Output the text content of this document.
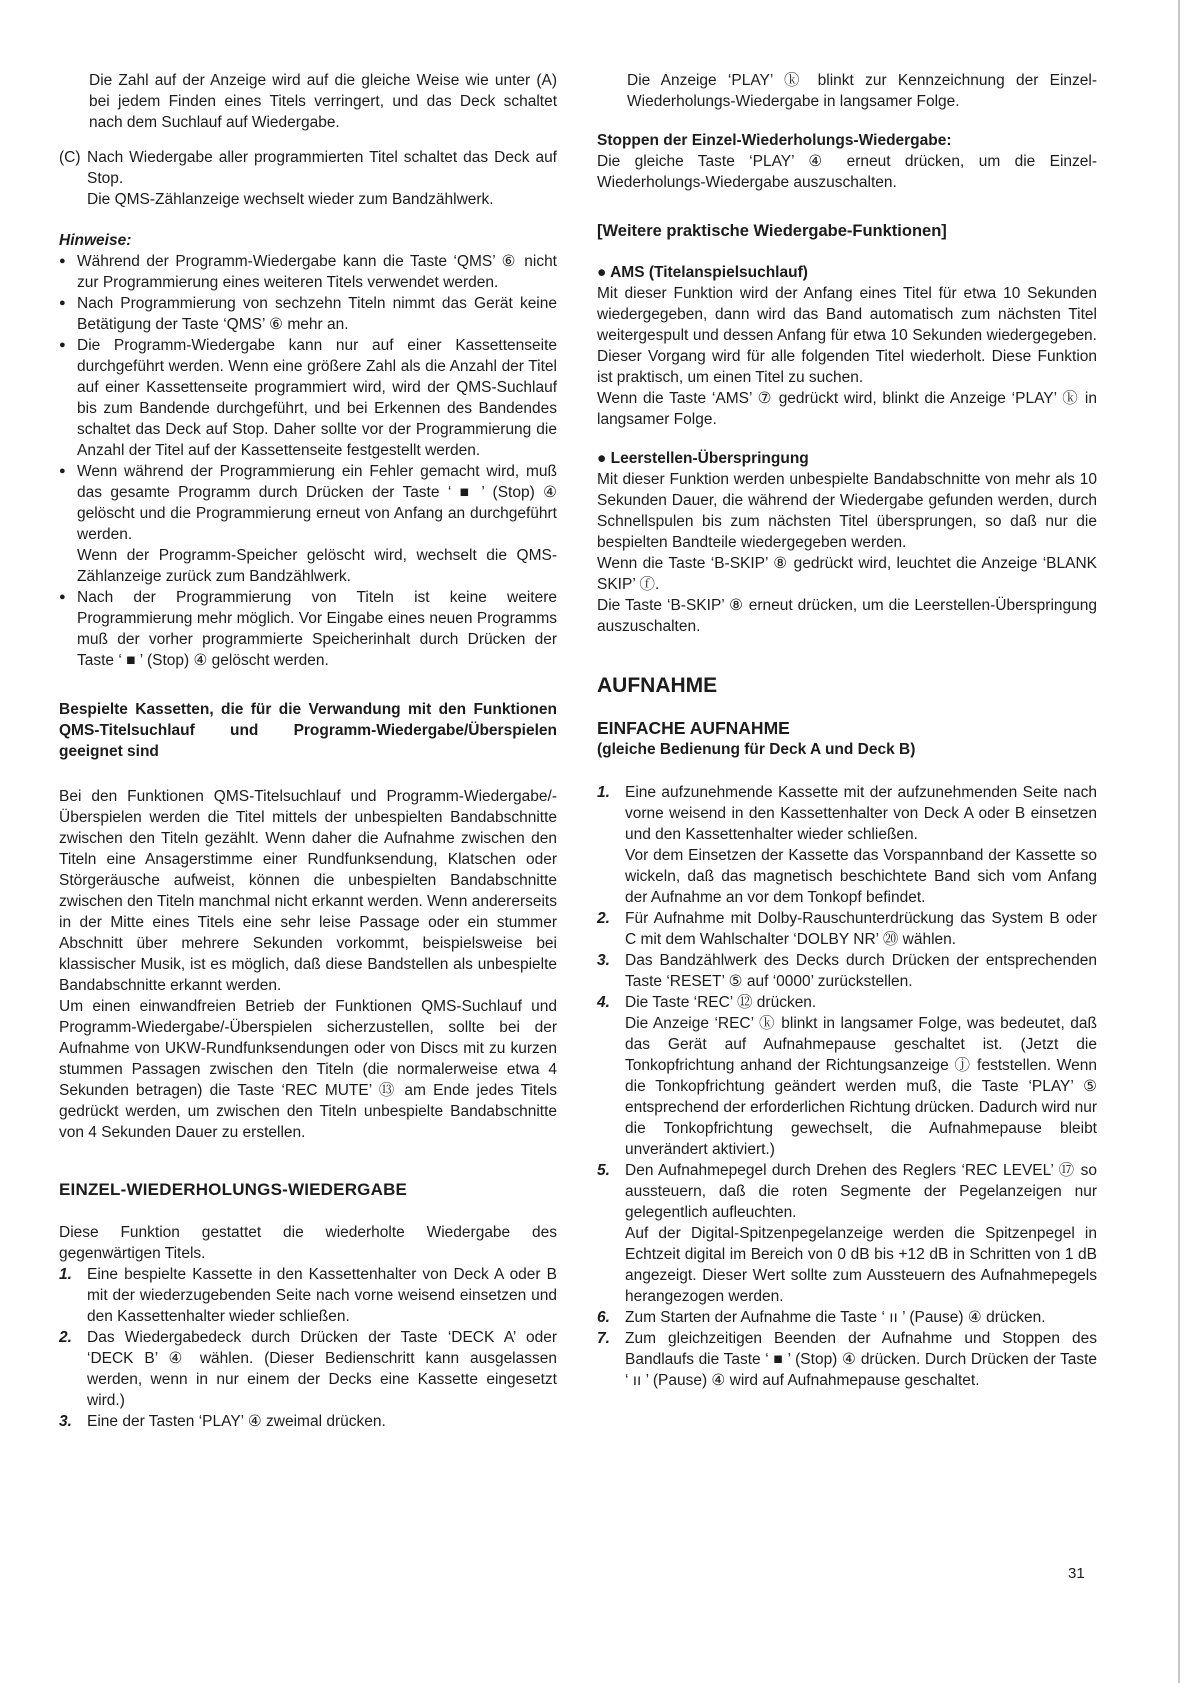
Die Zahl auf der Anzeige wird auf die gleiche Weise wie unter (A) bei jedem Finden eines Titels verringert, und das Deck schaltet nach dem Suchlauf auf Wiedergabe.

(C) Nach Wiedergabe aller programmierten Titel schaltet das Deck auf Stop.

Die QMS-Zählanzeige wechselt wieder zum Bandzählwerk.

Hinweise:

● Während der Programm-Wiedergabe kann die Taste ‘QMS’ ⑥ nicht zur Programmierung eines weiteren Titels verwendet werden.
● Nach Programmierung von sechzehn Titeln nimmt das Gerät keine Betätigung der Taste ‘QMS’ ⑥ mehr an.
● Die Programm-Wiedergabe kann nur auf einer Kassettenseite durchgeführt werden. Wenn eine größere Zahl als die Anzahl der Titel auf einer Kassettenseite programmiert wird, wird der QMS-Suchlauf bis zum Bandende durchgeführt, und bei Erkennen des Bandendes schaltet das Deck auf Stop. Daher sollte vor der Programmierung die Anzahl der Titel auf der Kassettenseite festgestellt werden.
● Wenn während der Programmierung ein Fehler gemacht wird, muß das gesamte Programm durch Drücken der Taste ‘ ■ ’ (Stop) ④ gelöscht und die Programmierung erneut von Anfang an durchgeführt werden.
Wenn der Programm-Speicher gelöscht wird, wechselt die QMS-Zählanzeige zurück zum Bandzählwerk.
● Nach der Programmierung von Titeln ist keine weitere Programmierung mehr möglich. Vor Eingabe eines neuen Programms muß der vorher programmierte Speicherinhalt durch Drücken der Taste ‘ ■ ’ (Stop) ④ gelöscht werden.

Bespielte Kassetten, die für die Verwandung mit den Funktionen QMS-Titelsuchlauf und Programm-Wiedergabe/Überspielen geeignet sind

Bei den Funktionen QMS-Titelsuchlauf und Programm-Wiedergabe/-Überspielen werden die Titel mittels der unbespielten Bandabschnitte zwischen den Titeln gezählt. Wenn daher die Aufnahme zwischen den Titeln eine Ansagerstimme einer Rundfunksendung, Klatschen oder Störgeräusche aufweist, können die unbespielten Bandabschnitte zwischen den Titeln manchmal nicht erkannt werden. Wenn andererseits in der Mitte eines Titels eine sehr leise Passage oder ein stummer Abschnitt über mehrere Sekunden vorkommt, beispielsweise bei klassischer Musik, ist es möglich, daß diese Bandstellen als unbespielte Bandabschnitte erkannt werden.

Um einen einwandfreien Betrieb der Funktionen QMS-Suchlauf und Programm-Wiedergabe/-Überspielen sicherzustellen, sollte bei der Aufnahme von UKW-Rundfunksendungen oder von Discs mit zu kurzen stummen Passagen zwischen den Titeln (die normalerweise etwa 4 Sekunden betragen) die Taste ‘REC MUTE’ ⑬ am Ende jedes Titels gedrückt werden, um zwischen den Titeln unbespielte Bandabschnitte von 4 Sekunden Dauer zu erstellen.

EINZEL-WIEDERHOLUNGS-WIEDERGABE

Diese Funktion gestattet die wiederholte Wiedergabe des gegenwärtigen Titels.

1. Eine bespielte Kassette in den Kassettenhalter von Deck A oder B mit der wiederzugebenden Seite nach vorne weisend einsetzen und den Kassettenhalter wieder schließen.
2. Das Wiedergabedeck durch Drücken der Taste ‘DECK A’ oder ‘DECK B’ ④ wählen. (Dieser Bedienschritt kann ausgelassen werden, wenn in nur einem der Decks eine Kassette eingesetzt wird.)
3. Eine der Tasten ‘PLAY’ ④ zweimal drücken.

Die Anzeige ‘PLAY’ ⓚ blinkt zur Kennzeichnung der Einzel-Wiederholungs-Wiedergabe in langsamer Folge.

Stoppen der Einzel-Wiederholungs-Wiedergabe:

Die gleiche Taste ‘PLAY’ ④ erneut drücken, um die Einzel-Wiederholungs-Wiedergabe auszuschalten.

[Weitere praktische Wiedergabe-Funktionen]

● AMS (Titelanspielsuchlauf)

Mit dieser Funktion wird der Anfang eines Titel für etwa 10 Sekunden wiedergegeben, dann wird das Band automatisch zum nächsten Titel weitergespult und dessen Anfang für etwa 10 Sekunden wiedergegeben. Dieser Vorgang wird für alle folgenden Titel wiederholt. Diese Funktion ist praktisch, um einen Titel zu suchen.

Wenn die Taste ‘AMS’ ⑦ gedrückt wird, blinkt die Anzeige ‘PLAY’ ⓚ in langsamer Folge.

● Leerstellen-Überspringung

Mit dieser Funktion werden unbespielte Bandabschnitte von mehr als 10 Sekunden Dauer, die während der Wiedergabe gefunden werden, durch Schnellspulen bis zum nächsten Titel übersprungen, so daß nur die bespielten Bandteile wiedergegeben werden.

Wenn die Taste ‘B-SKIP’ ⑧ gedrückt wird, leuchtet die Anzeige ‘BLANK SKIP’ ⓕ.

Die Taste ‘B-SKIP’ ⑧ erneut drücken, um die Leerstellen-Überspringung auszuschalten.

AUFNAHME

EINFACHE AUFNAHME

(gleiche Bedienung für Deck A und Deck B)

1. Eine aufzunehmende Kassette mit der aufzunehmenden Seite nach vorne weisend in den Kassettenhalter von Deck A oder B einsetzen und den Kassettenhalter wieder schließen.
Vor dem Einsetzen der Kassette das Vorspannband der Kassette so wickeln, daß das magnetisch beschichtete Band sich vom Anfang der Aufnahme an vor dem Tonkopf befindet.
2. Für Aufnahme mit Dolby-Rauschunterdrückung das System B oder C mit dem Wahlschalter ‘DOLBY NR’ ⑳ wählen.
3. Das Bandzählwerk des Decks durch Drücken der entsprechenden Taste ‘RESET’ ⑤ auf ‘0000’ zurückstellen.
4. Die Taste ‘REC’ ⑫ drücken.
Die Anzeige ‘REC’ ⓚ blinkt in langsamer Folge, was bedeutet, daß das Gerät auf Aufnahmepause geschaltet ist. (Jetzt die Tonkopfrichtung anhand der Richtungsanzeige ⓙ feststellen. Wenn die Tonkopfrichtung geändert werden muß, die Taste ‘PLAY’ ⑤ entsprechend der erforderlichen Richtung drücken. Dadurch wird nur die Tonkopfrichtung gewechselt, die Aufnahmepause bleibt unverändert aktiviert.)
5. Den Aufnahmepegel durch Drehen des Reglers ‘REC LEVEL’ ⑰ so aussteuern, daß die roten Segmente der Pegelanzeigen nur gelegentlich aufleuchten.
Auf der Digital-Spitzenpegelanzeige werden die Spitzenpegel in Echtzeit digital im Bereich von 0 dB bis +12 dB in Schritten von 1 dB angezeigt. Dieser Wert sollte zum Aussteuern des Aufnahmepegels herangezogen werden.
6. Zum Starten der Aufnahme die Taste ‘ ıı ’ (Pause) ④ drücken.
7. Zum gleichzeitigen Beenden der Aufnahme und Stoppen des Bandlaufs die Taste ‘ ■ ’ (Stop) ④ drücken. Durch Drücken der Taste ‘ ıı ’ (Pause) ④ wird auf Aufnahmepause geschaltet.
31
